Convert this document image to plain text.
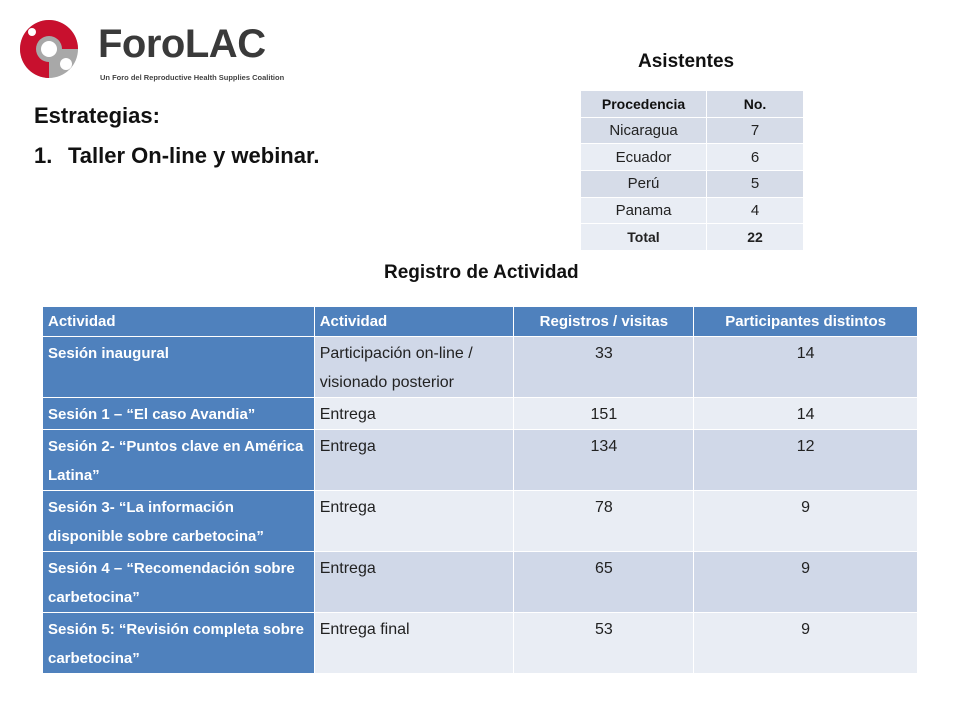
ForoLAC
Un Foro del Reproductive Health Supplies Coalition
Estrategias:
1. Taller On-line y webinar.
Asistentes
Procedencia	No.
Nicaragua	7
Ecuador	6
Perú	5
Panama	4
Total	22
Registro de Actividad
Actividad	Actividad	Registros / visitas	Participantes distintos
Sesión inaugural	Participación on-line / visionado posterior	33	14
Sesión 1 – “El caso Avandia”	Entrega	151	14
Sesión 2- “Puntos clave en América Latina”	Entrega	134	12
Sesión 3- “La información disponible sobre carbetocina”	Entrega	78	9
Sesión 4 – “Recomendación sobre carbetocina”	Entrega	65	9
Sesión 5: “Revisión completa sobre carbetocina”	Entrega final	53	9
